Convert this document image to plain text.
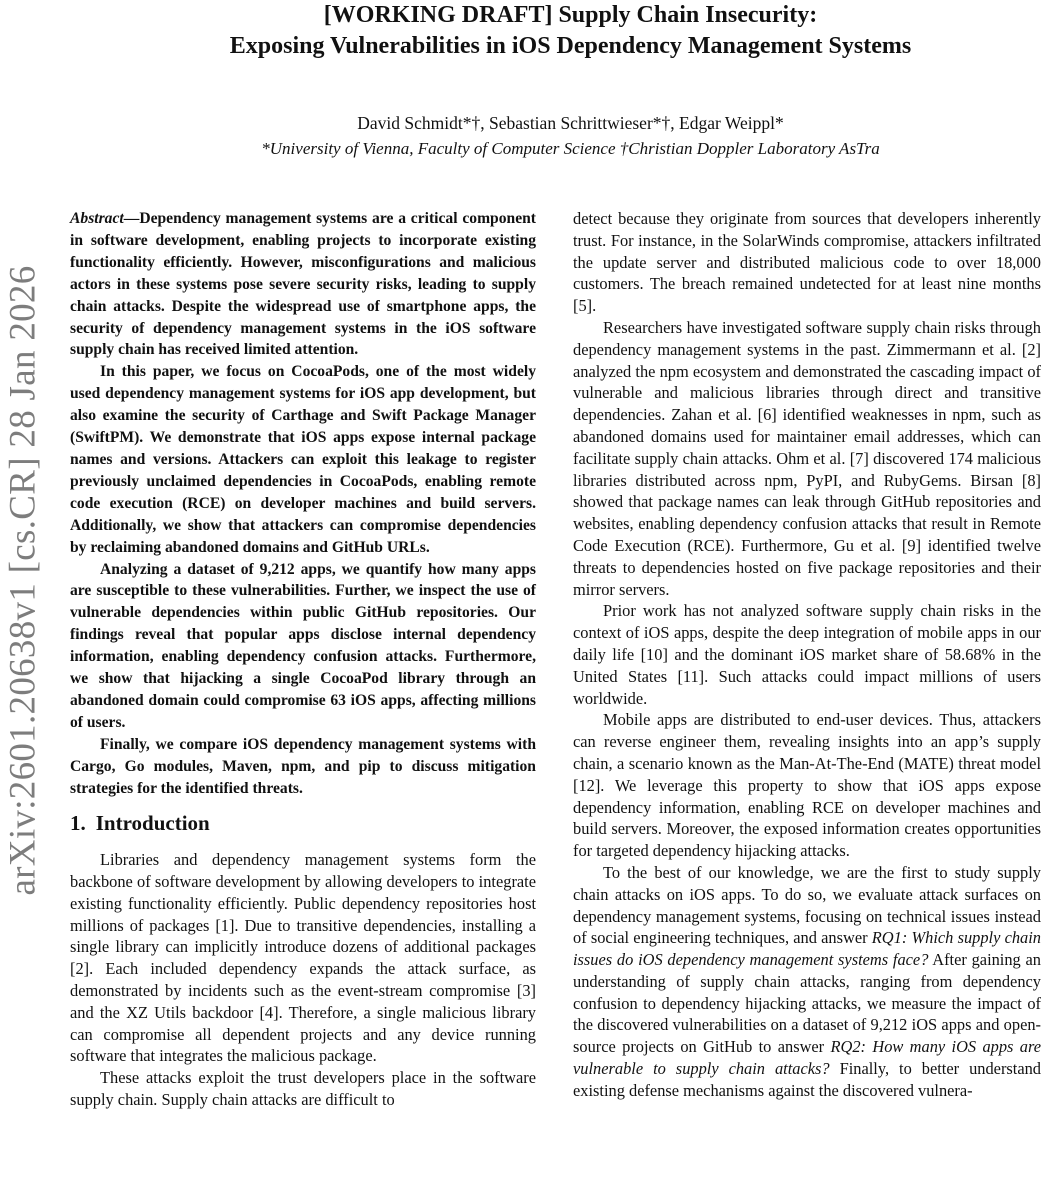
arXiv:2601.20638v1 [cs.CR] 28 Jan 2026
[WORKING DRAFT] Supply Chain Insecurity:
Exposing Vulnerabilities in iOS Dependency Management Systems
David Schmidt*†, Sebastian Schrittwieser*†, Edgar Weippl*
*University of Vienna, Faculty of Computer Science †Christian Doppler Laboratory AsTra

Abstract—Dependency management systems are a critical component in software development, enabling projects to incorporate existing functionality efficiently. However, misconfigurations and malicious actors in these systems pose severe security risks, leading to supply chain attacks. Despite the widespread use of smartphone apps, the security of dependency management systems in the iOS software supply chain has received limited attention.

In this paper, we focus on CocoaPods, one of the most widely used dependency management systems for iOS app development, but also examine the security of Carthage and Swift Package Manager (SwiftPM). We demonstrate that iOS apps expose internal package names and versions. Attackers can exploit this leakage to register previously unclaimed dependencies in CocoaPods, enabling remote code execution (RCE) on developer machines and build servers. Additionally, we show that attackers can compromise dependencies by reclaiming abandoned domains and GitHub URLs.

Analyzing a dataset of 9,212 apps, we quantify how many apps are susceptible to these vulnerabilities. Further, we inspect the use of vulnerable dependencies within public GitHub repositories. Our findings reveal that popular apps disclose internal dependency information, enabling dependency confusion attacks. Furthermore, we show that hijacking a single CocoaPod library through an abandoned domain could compromise 63 iOS apps, affecting millions of users.

Finally, we compare iOS dependency management systems with Cargo, Go modules, Maven, npm, and pip to discuss mitigation strategies for the identified threats.

1. Introduction

Libraries and dependency management systems form the backbone of software development by allowing developers to integrate existing functionality efficiently. Public dependency repositories host millions of packages [1]. Due to transitive dependencies, installing a single library can implicitly introduce dozens of additional packages [2]. Each included dependency expands the attack surface, as demonstrated by incidents such as the event-stream compromise [3] and the XZ Utils backdoor [4]. Therefore, a single malicious library can compromise all dependent projects and any device running software that integrates the malicious package.

These attacks exploit the trust developers place in the software supply chain. Supply chain attacks are difficult to

detect because they originate from sources that developers inherently trust. For instance, in the SolarWinds compromise, attackers infiltrated the update server and distributed malicious code to over 18,000 customers. The breach remained undetected for at least nine months [5].

Researchers have investigated software supply chain risks through dependency management systems in the past. Zimmermann et al. [2] analyzed the npm ecosystem and demonstrated the cascading impact of vulnerable and malicious libraries through direct and transitive dependencies. Zahan et al. [6] identified weaknesses in npm, such as abandoned domains used for maintainer email addresses, which can facilitate supply chain attacks. Ohm et al. [7] discovered 174 malicious libraries distributed across npm, PyPI, and RubyGems. Birsan [8] showed that package names can leak through GitHub repositories and websites, enabling dependency confusion attacks that result in Remote Code Execution (RCE). Furthermore, Gu et al. [9] identified twelve threats to dependencies hosted on five package repositories and their mirror servers.

Prior work has not analyzed software supply chain risks in the context of iOS apps, despite the deep integration of mobile apps in our daily life [10] and the dominant iOS market share of 58.68% in the United States [11]. Such attacks could impact millions of users worldwide.

Mobile apps are distributed to end-user devices. Thus, attackers can reverse engineer them, revealing insights into an app’s supply chain, a scenario known as the Man-At-The-End (MATE) threat model [12]. We leverage this property to show that iOS apps expose dependency information, enabling RCE on developer machines and build servers. Moreover, the exposed information creates opportunities for targeted dependency hijacking attacks.

To the best of our knowledge, we are the first to study supply chain attacks on iOS apps. To do so, we evaluate attack surfaces on dependency management systems, focusing on technical issues instead of social engineering techniques, and answer RQ1: Which supply chain issues do iOS dependency management systems face? After gaining an understanding of supply chain attacks, ranging from dependency confusion to dependency hijacking attacks, we measure the impact of the discovered vulnerabilities on a dataset of 9,212 iOS apps and open-source projects on GitHub to answer RQ2: How many iOS apps are vulnerable to supply chain attacks? Finally, to better understand existing defense mechanisms against the discovered vulnera-
